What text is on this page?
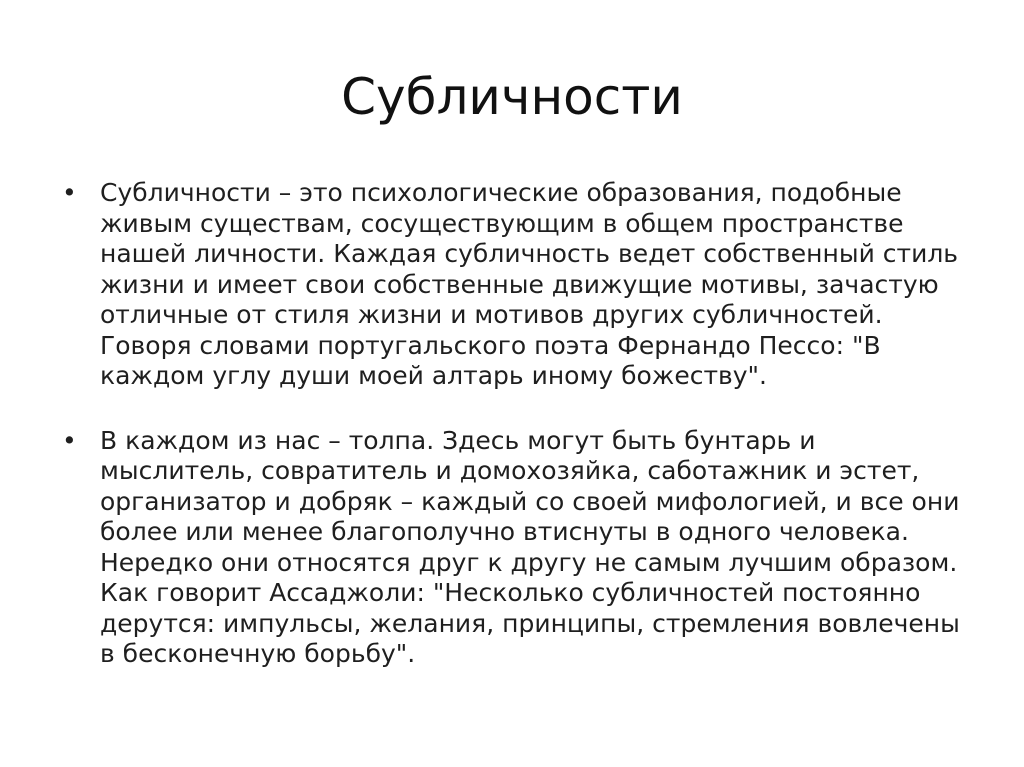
Субличности
• Субличности – это психологические образования, подобные
живым существам, сосуществующим в общем пространстве
нашей личности. Каждая субличность ведет собственный стиль
жизни и имеет свои собственные движущие мотивы, зачастую
отличные от стиля жизни и мотивов других субличностей.
Говоря словами португальского поэта Фернандо Пессо: "В
каждом углу души моей алтарь иному божеству".
• В каждом из нас – толпа. Здесь могут быть бунтарь и
мыслитель, совратитель и домохозяйка, саботажник и эстет,
организатор и добряк – каждый со своей мифологией, и все они
более или менее благополучно втиснуты в одного человека.
Нередко они относятся друг к другу не самым лучшим образом.
Как говорит Ассаджоли: "Несколько субличностей постоянно
дерутся: импульсы, желания, принципы, стремления вовлечены
в бесконечную борьбу".
